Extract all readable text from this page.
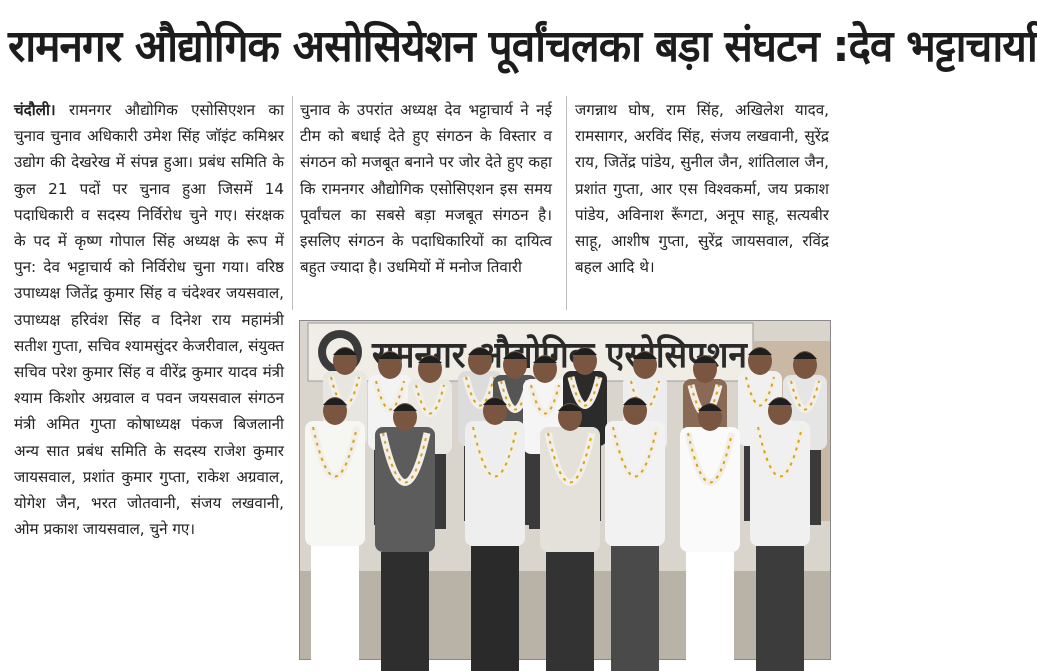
रामनगर औद्योगिक असोसियेशन पूर्वांचलका बड़ा संघटन :देव भट्टाचार्या
चंदौली। रामनगर औद्योगिक एसोसिएशन का चुनाव चुनाव अधिकारी उमेश सिंह जॉइंट कमिश्नर उद्योग की देखरेख में संपन्न हुआ। प्रबंध समिति के कुल 21 पदों पर चुनाव हुआ जिसमें 14 पदाधिकारी व सदस्य निर्विरोध चुने गए। संरक्षक के पद में कृष्ण गोपाल सिंह अध्यक्ष के रूप में पुन: देव भट्टाचार्य को निर्विरोध चुना गया। वरिष्ठ उपाध्यक्ष जितेंद्र कुमार सिंह व चंदेश्वर जयसवाल, उपाध्यक्ष हरिवंश सिंह व दिनेश राय महामंत्री सतीश गुप्ता, सचिव श्यामसुंदर केजरीवाल, संयुक्त सचिव परेश कुमार सिंह व वीरेंद्र कुमार यादव मंत्री श्याम किशोर अग्रवाल व पवन जयसवाल संगठन मंत्री अमित गुप्ता कोषाध्यक्ष पंकज बिजलानी अन्य सात प्रबंध समिति के सदस्य राजेश कुमार जायसवाल, प्रशांत कुमार गुप्ता, राकेश अग्रवाल, योगेश जैन, भरत जोतवानी, संजय लखवानी, ओम प्रकाश जायसवाल, चुने गए।
चुनाव के उपरांत अध्यक्ष देव भट्टाचार्य ने नई टीम को बधाई देते हुए संगठन के विस्तार व संगठन को मजबूत बनाने पर जोर देते हुए कहा कि रामनगर औद्योगिक एसोसिएशन इस समय पूर्वांचल का सबसे बड़ा मजबूत संगठन है। इसलिए संगठन के पदाधिकारियों का दायित्व बहुत ज्यादा है। उधमियों में मनोज तिवारी
जगन्नाथ घोष, राम सिंह, अखिलेश यादव, रामसागर, अरविंद सिंह, संजय लखवानी, सुरेंद्र राय, जितेंद्र पांडेय, सुनील जैन, शांतिलाल जैन, प्रशांत गुप्ता, आर एस विश्वकर्मा, जय प्रकाश पांडेय, अविनाश रूँगटा, अनूप साहू, सत्यबीर साहू, आशीष गुप्ता, सुरेंद्र जायसवाल, रविंद्र बहल आदि थे।
रामनगर औद्योगिक एसोसिएशन
